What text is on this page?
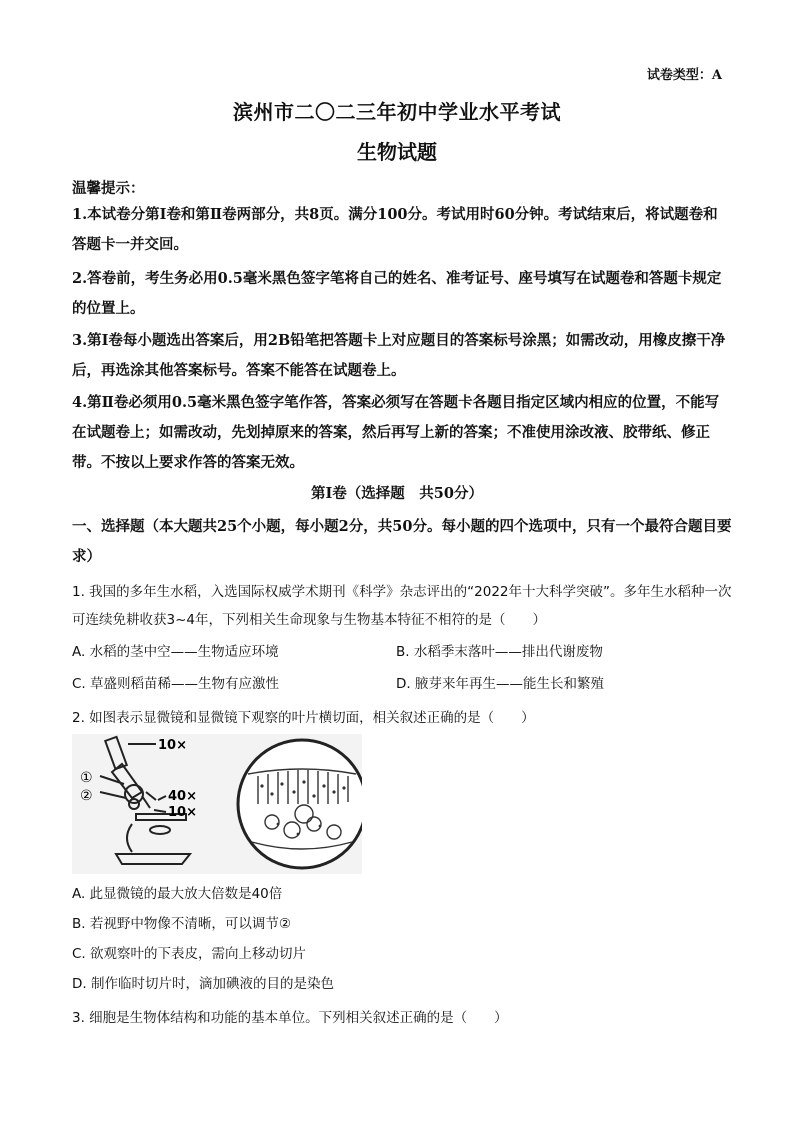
试卷类型：A
滨州市二〇二三年初中学业水平考试
生物试题
温馨提示：
1.本试卷分第Ⅰ卷和第Ⅱ卷两部分，共8页。满分100分。考试用时60分钟。考试结束后，将试题卷和答题卡一并交回。
2.答卷前，考生务必用0.5毫米黑色签字笔将自己的姓名、准考证号、座号填写在试题卷和答题卡规定的位置上。
3.第Ⅰ卷每小题选出答案后，用2B铅笔把答题卡上对应题目的答案标号涂黑；如需改动，用橡皮擦干净后，再选涂其他答案标号。答案不能答在试题卷上。
4.第Ⅱ卷必须用0.5毫米黑色签字笔作答，答案必须写在答题卡各题目指定区域内相应的位置，不能写在试题卷上；如需改动，先划掉原来的答案，然后再写上新的答案；不准使用涂改液、胶带纸、修正带。不按以上要求作答的答案无效。
第Ⅰ卷（选择题　共50分）
一、选择题（本大题共25个小题，每小题2分，共50分。每小题的四个选项中，只有一个最符合题目要求）
1. 我国的多年生水稻，入选国际权威学术期刊《科学》杂志评出的“2022年十大科学突破”。多年生水稻种一次可连续免耕收获3~4年，下列相关生命现象与生物基本特征不相符的是（　　）
A. 水稻的茎中空——生物适应环境	B. 水稻季末落叶——排出代谢废物
C. 草盛则稻苗稀——生物有应激性	D. 腋芽来年再生——能生长和繁殖
2. 如图表示显微镜和显微镜下观察的叶片横切面，相关叙述正确的是（　　）
10×
①
②	40×
10×
A. 此显微镜的最大放大倍数是40倍
B. 若视野中物像不清晰，可以调节②
C. 欲观察叶的下表皮，需向上移动切片
D. 制作临时切片时，滴加碘液的目的是染色
3. 细胞是生物体结构和功能的基本单位。下列相关叙述正确的是（　　）
